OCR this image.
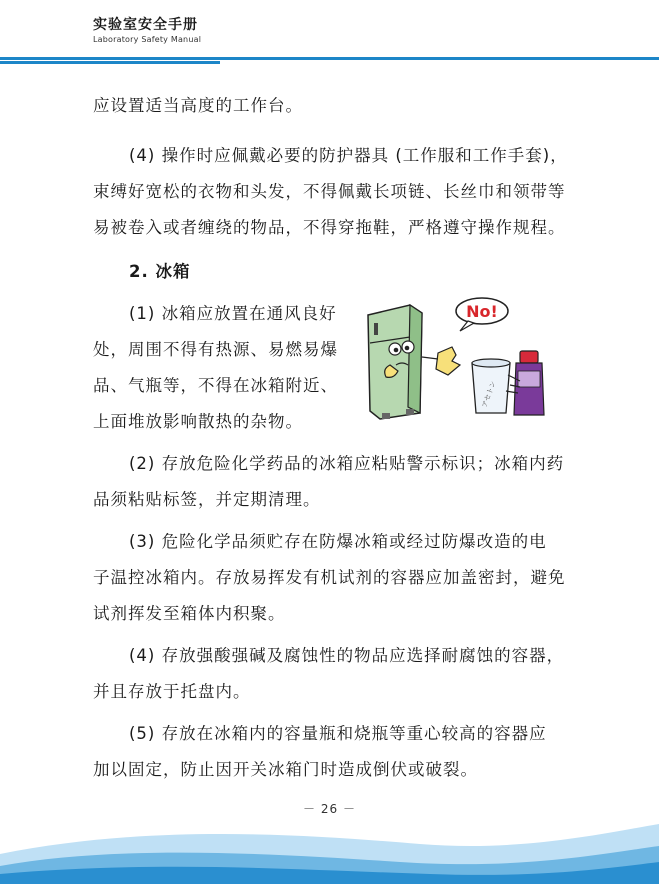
实验室安全手册
Laboratory Safety Manual
应设置适当高度的工作台。
(4) 操作时应佩戴必要的防护器具 (工作服和工作手套)，
束缚好宽松的衣物和头发，不得佩戴长项链、长丝巾和领带等
易被卷入或者缠绕的物品，不得穿拖鞋，严格遵守操作规程。
2. 冰箱
(1) 冰箱应放置在通风良好
处，周围不得有热源、易燃易爆
品、气瓶等，不得在冰箱附近、
上面堆放影响散热的杂物。
(2) 存放危险化学药品的冰箱应粘贴警示标识；冰箱内药
品须粘贴标签，并定期清理。
(3) 危险化学品须贮存在防爆冰箱或经过防爆改造的电
子温控冰箱内。存放易挥发有机试剂的容器应加盖密封，避免
试剂挥发至箱体内积聚。
(4) 存放强酸强碱及腐蚀性的物品应选择耐腐蚀的容器，
并且存放于托盘内。
(5) 存放在冰箱内的容量瓶和烧瓶等重心较高的容器应
加以固定，防止因开关冰箱门时造成倒伏或破裂。
No!
アセトン
－ 26 －
